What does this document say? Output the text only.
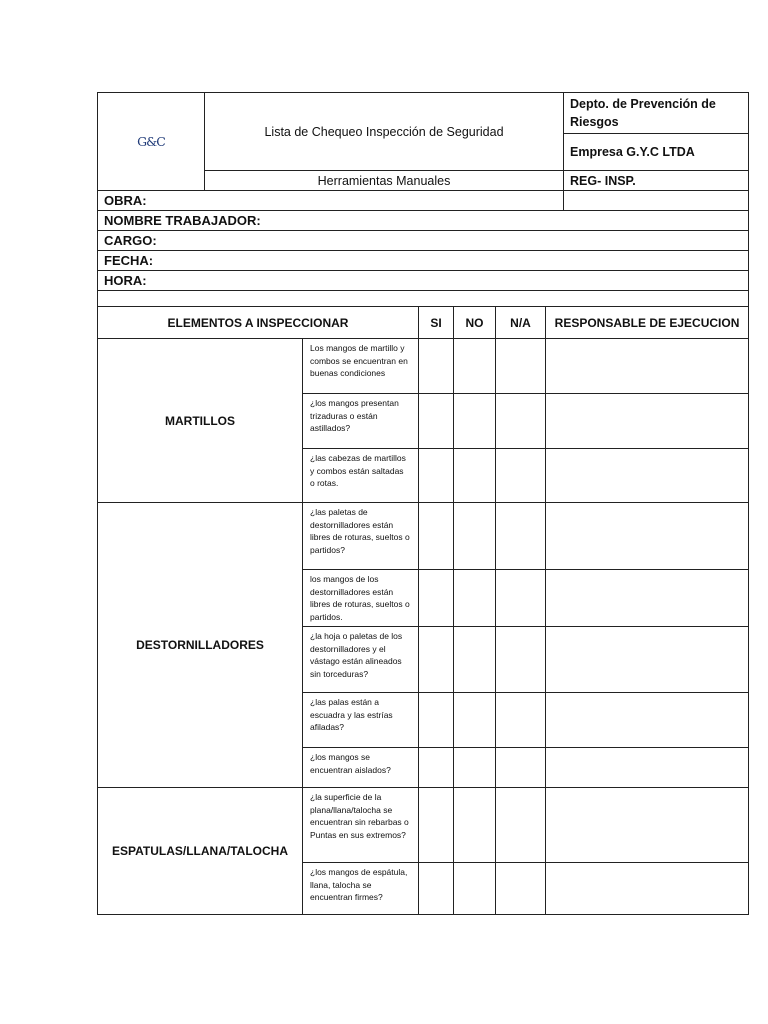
G&C	Lista de Chequeo Inspección de Seguridad	Depto. de Prevención de Riesgos
		Empresa G.Y.C LTDA
	Herramientas Manuales	REG- INSP.
OBRA:	
NOMBRE TRABAJADOR:
CARGO:
FECHA:
HORA:

ELEMENTOS A INSPECCIONAR		SI	NO	N/A	RESPONSABLE DE EJECUCION
MARTILLOS	Los mangos de martillo y combos se encuentran en buenas condiciones				
	¿los mangos presentan trizaduras o están astillados?				
	¿las cabezas de martillos y combos están saltadas o rotas.				
DESTORNILLADORES	¿las paletas de destornilladores están libres de roturas, sueltos o partidos?				
	los mangos de los destornilladores están libres de roturas, sueltos o partidos.				
	¿la hoja o paletas de los destornilladores y el vástago están alineados sin torceduras?				
	¿las palas están a escuadra y las estrías afiladas?				
	¿los mangos se encuentran aislados?				
ESPATULAS/LLANA/TALOCHA	¿la superficie de la plana/llana/talocha se encuentran sin rebarbas o Puntas en sus extremos?				
	¿los mangos de espátula, llana, talocha se encuentran firmes?				
